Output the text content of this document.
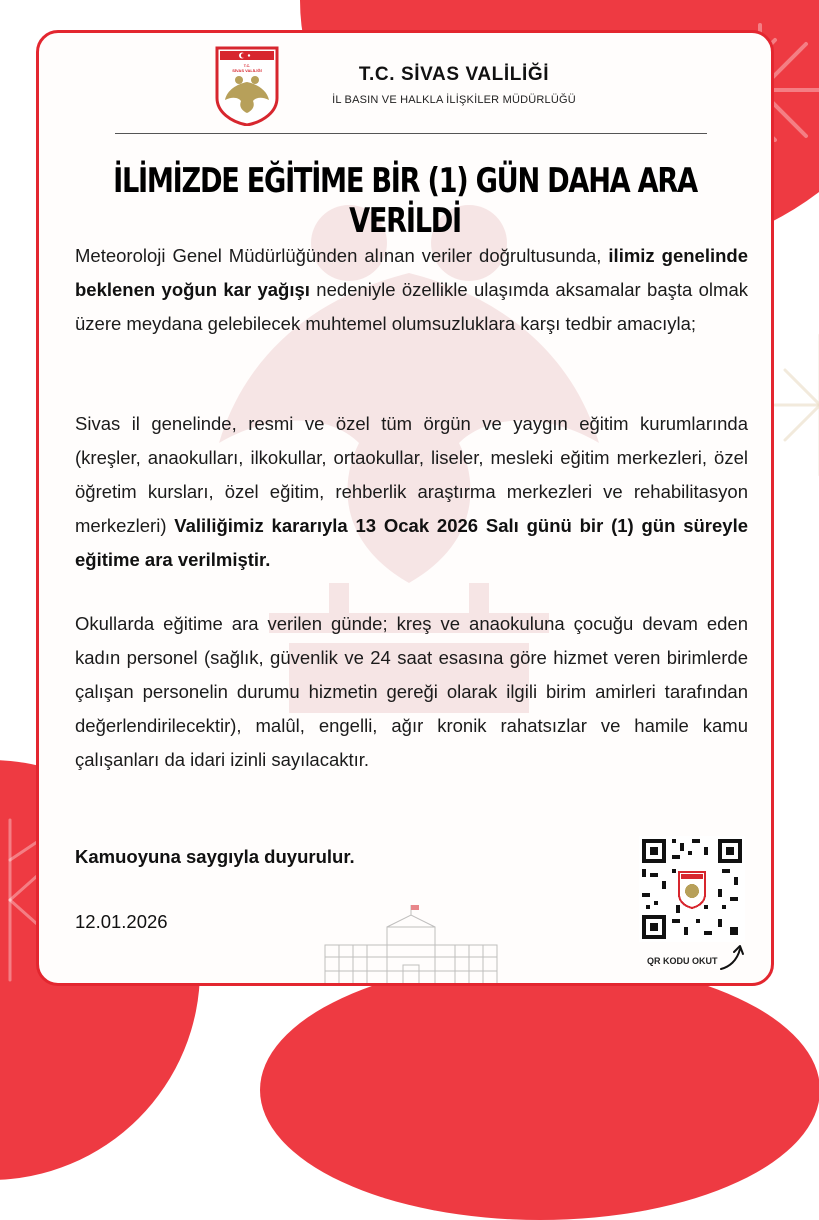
T.C.
SİVAS VALİLİĞİ	T.C. SİVAS VALİLİĞİ
İL BASIN VE HALKLA İLİŞKİLER MÜDÜRLÜĞÜ
İLİMİZDE EĞİTİME BİR (1) GÜN DAHA ARA VERİLDİ

Meteoroloji Genel Müdürlüğünden alınan veriler doğrultusunda, ilimiz genelinde beklenen yoğun kar yağışı nedeniyle özellikle ulaşımda aksamalar başta olmak üzere meydana gelebilecek muhtemel olumsuzluklara karşı tedbir amacıyla;

Sivas il genelinde, resmi ve özel tüm örgün ve yaygın eğitim kurumlarında (kreşler, anaokulları, ilkokullar, ortaokullar, liseler, mesleki eğitim merkezleri, özel öğretim kursları, özel eğitim, rehberlik araştırma merkezleri ve rehabilitasyon merkezleri) Valiliğimiz kararıyla 13 Ocak 2026 Salı günü bir (1) gün süreyle eğitime ara verilmiştir.

Okullarda eğitime ara verilen günde; kreş ve anaokuluna çocuğu devam eden kadın personel (sağlık, güvenlik ve 24 saat esasına göre hizmet veren birimlerde çalışan personelin durumu hizmetin gereği olarak ilgili birim amirleri tarafından değerlendirilecektir), malûl, engelli, ağır kronik rahatsızlar ve hamile kamu çalışanları da idari izinli sayılacaktır.

Kamuoyuna saygıyla duyurulur.
12.01.2026
QR KODU OKUT
